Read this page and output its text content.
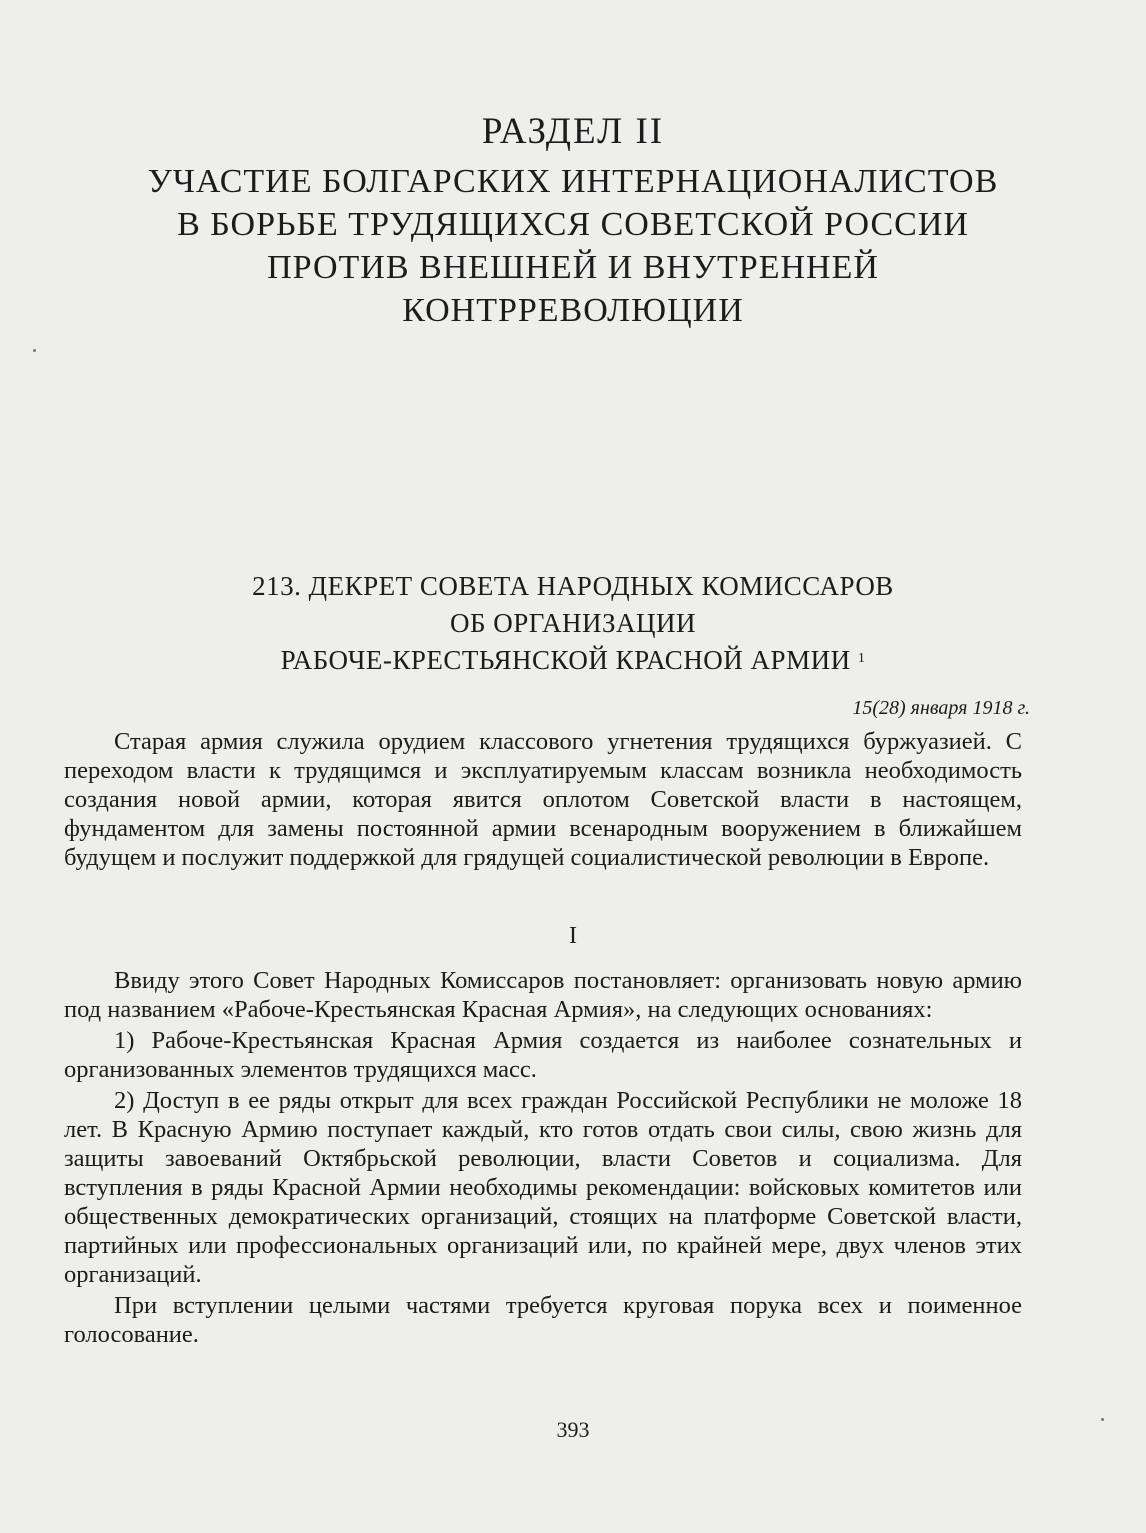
РАЗДЕЛ II
УЧАСТИЕ БОЛГАРСКИХ ИНТЕРНАЦИОНАЛИСТОВ
В БОРЬБЕ ТРУДЯЩИХСЯ СОВЕТСКОЙ РОССИИ
ПРОТИВ ВНЕШНЕЙ И ВНУТРЕННЕЙ
КОНТРРЕВОЛЮЦИИ
213. ДЕКРЕТ СОВЕТА НАРОДНЫХ КОМИССАРОВ
ОБ ОРГАНИЗАЦИИ
РАБОЧЕ-КРЕСТЬЯНСКОЙ КРАСНОЙ АРМИИ $^1$
15(28) января 1918 г.

Старая армия служила орудием классового угнетения трудящихся буржуазией. С переходом власти к трудящимся и эксплуатируемым классам возникла необходимость создания новой армии, которая явится оплотом Советской власти в настоящем, фундаментом для замены постоянной армии всенародным вооружением в ближайшем будущем и послужит поддержкой для грядущей социалистической революции в Европе.

I

Ввиду этого Совет Народных Комиссаров постановляет: организовать новую армию под названием «Рабоче-Крестьянская Красная Армия», на следующих основаниях:

1) Рабоче-Крестьянская Красная Армия создается из наиболее сознательных и организованных элементов трудящихся масс.

2) Доступ в ее ряды открыт для всех граждан Российской Республики не моложе 18 лет. В Красную Армию поступает каждый, кто готов отдать свои силы, свою жизнь для защиты завоеваний Октябрьской революции, власти Советов и социализма. Для вступления в ряды Красной Армии необходимы рекомендации: войсковых комитетов или общественных демократических организаций, стоящих на платформе Советской власти, партийных или профессиональных организаций или, по крайней мере, двух членов этих организаций.

При вступлении целыми частями требуется круговая порука всех и поименное голосование.

393
